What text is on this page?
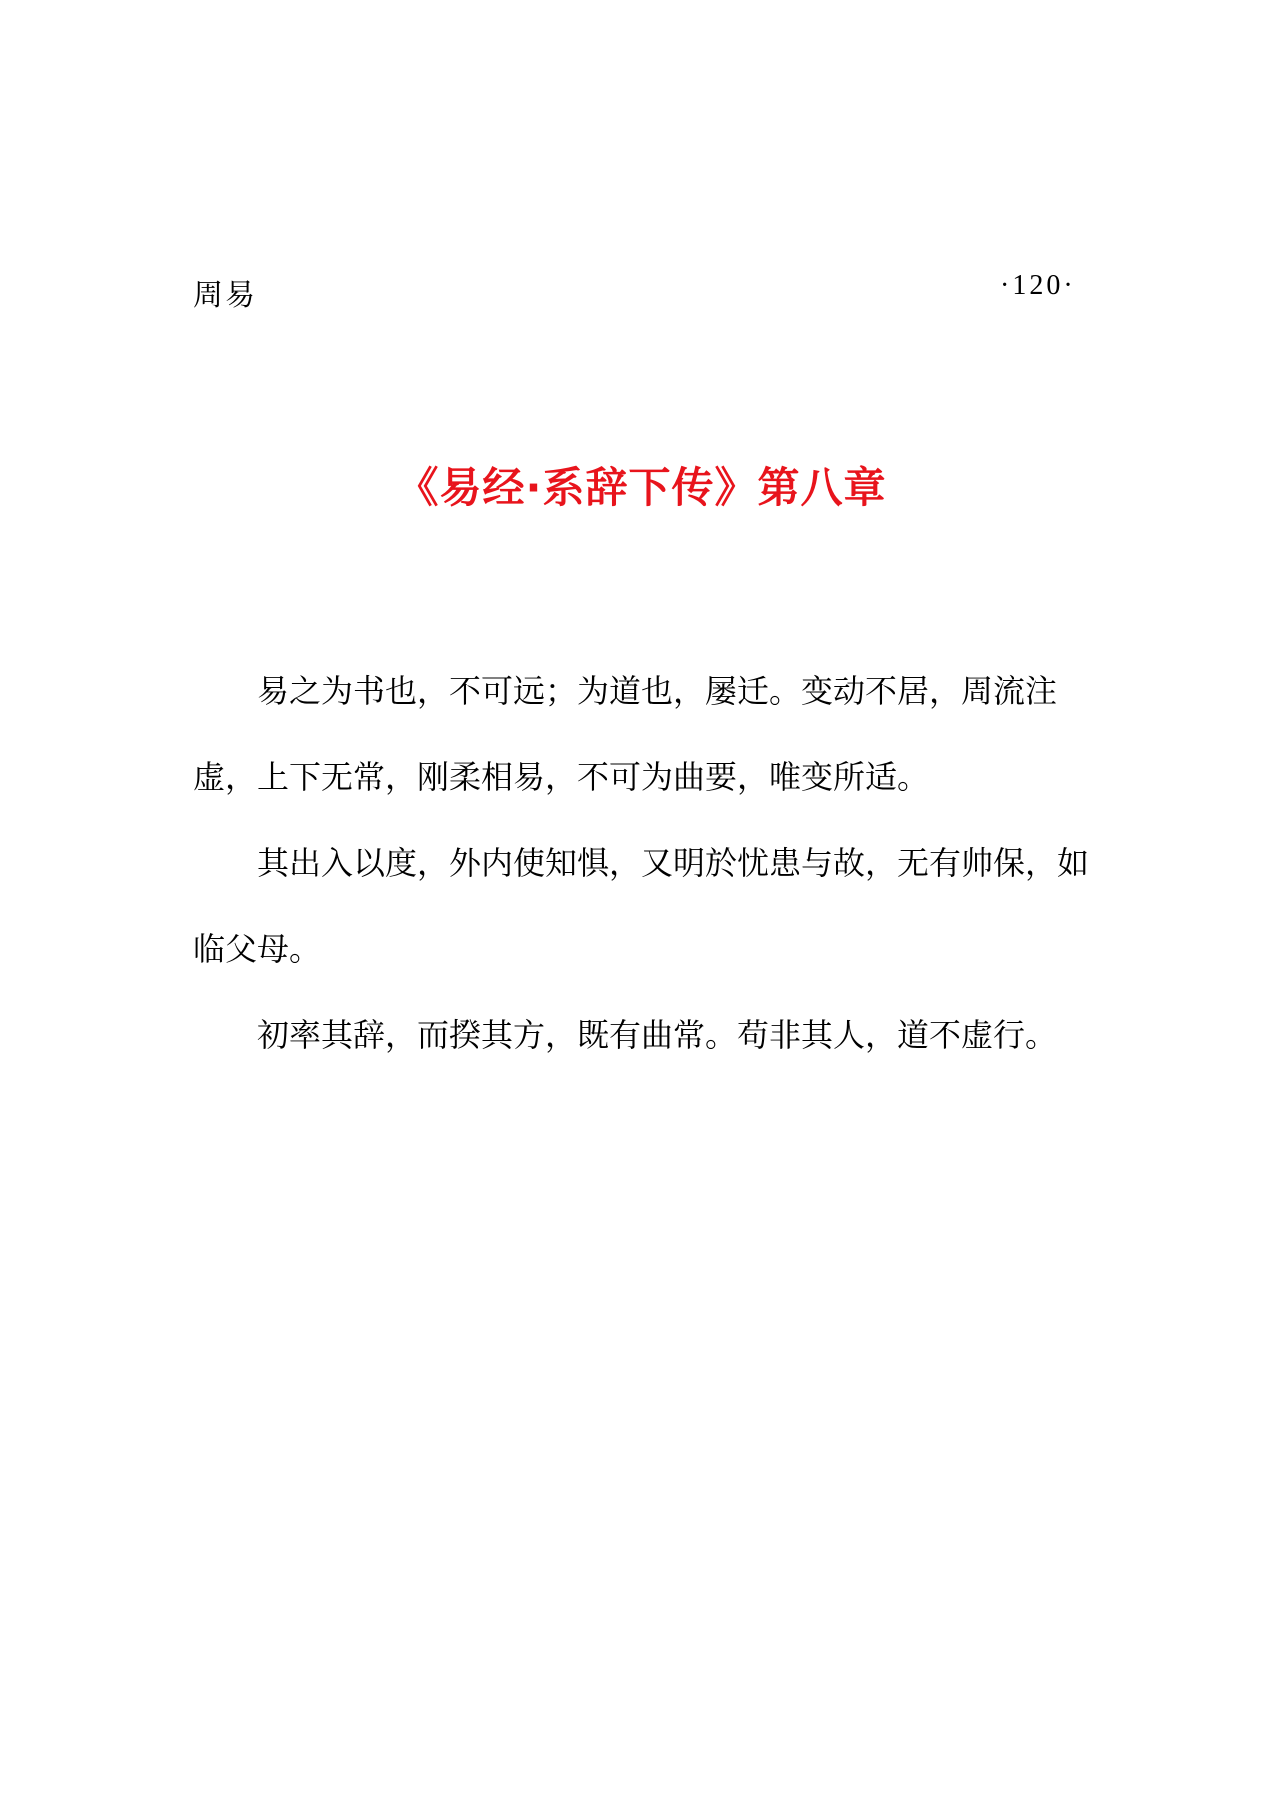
周易	·120·
《易经·系辞下传》第八章

易之为书也，不可远；为道也，屡迁。变动不居，周流注虚，上下无常，刚柔相易，不可为曲要，唯变所适。

其出入以度，外内使知惧，又明於忧患与故，无有帅保，如临父母。

初率其辞，而揆其方，既有曲常。苟非其人，道不虚行。
